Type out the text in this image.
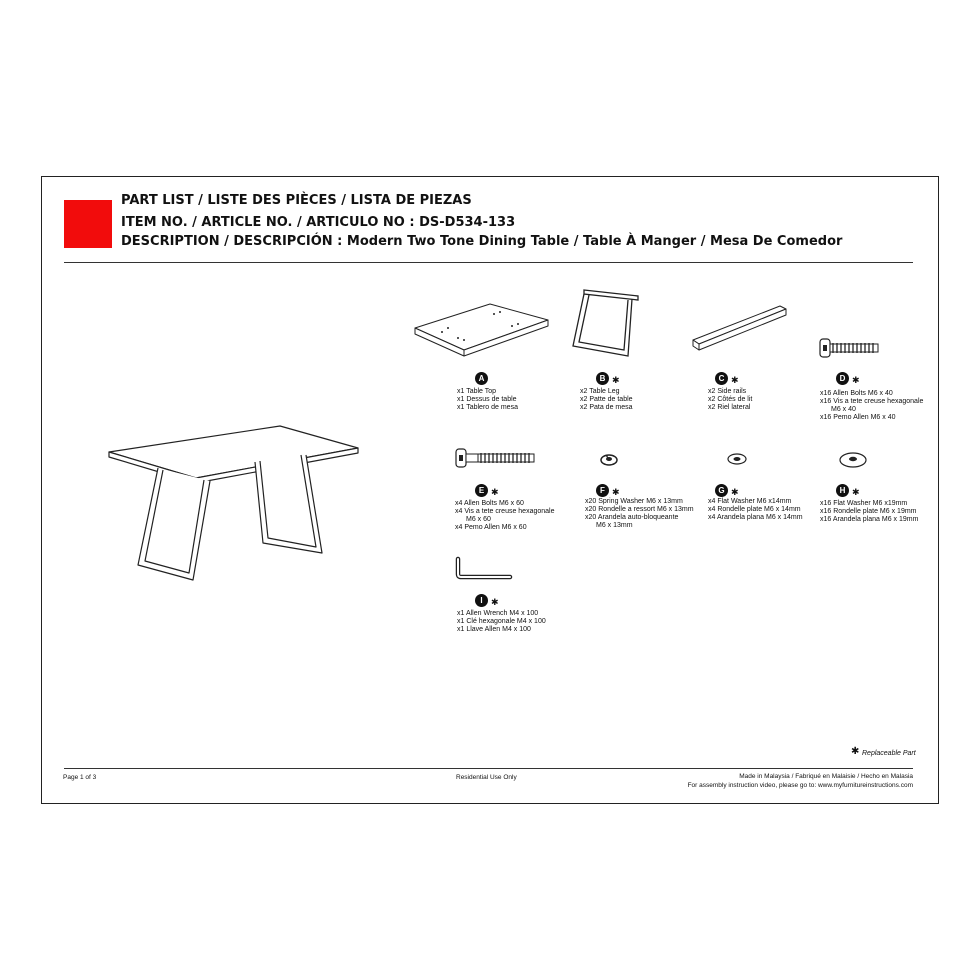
PART LIST / LISTE DES PIÈCES / LISTA DE PIEZAS
ITEM NO. / ARTICLE NO. / ARTICULO NO : DS-D534-133
DESCRIPTION / DESCRIPCIÓN : Modern Two Tone Dining Table / Table À Manger / Mesa De Comedor
A
x1 Table Top
x1 Dessus de table
x1 Tablero de mesa
B ✱
x2 Table Leg
x2 Patte de table
x2 Pata de mesa
C ✱
x2 Side rails
x2 Côtés de lit
x2 Riel lateral
D ✱
x16 Allen Bolts M6 x 40
x16 Vis a tete creuse hexagonale
M6 x 40
x16 Pemo Allen M6 x 40
E ✱
x4 Allen Bolts M6 x 60
x4 Vis a tete creuse hexagonale
M6 x 60
x4 Pemo Allen M6 x 60
F ✱
x20 Spring Washer M6 x 13mm
x20 Rondelle a ressort M6 x 13mm
x20 Arandela auto-bloqueante
M6 x 13mm
G ✱
x4 Flat Washer M6 x14mm
x4 Rondelle plate M6 x 14mm
x4 Arandela plana M6 x 14mm
H ✱
x16 Flat Washer M6 x19mm
x16 Rondelle plate M6 x 19mm
x16 Arandela plana M6 x 19mm
I ✱
x1 Allen Wrench M4 x 100
x1 Clé hexagonale M4 x 100
x1 Llave Allen M4 x 100
✱ Replaceable Part
Page 1 of 3	Residential Use Only	Made in Malaysia / Fabriqué en Malaisie / Hecho en Malasia
For assembly instruction video, please go to: www.myfurnitureinstructions.com
